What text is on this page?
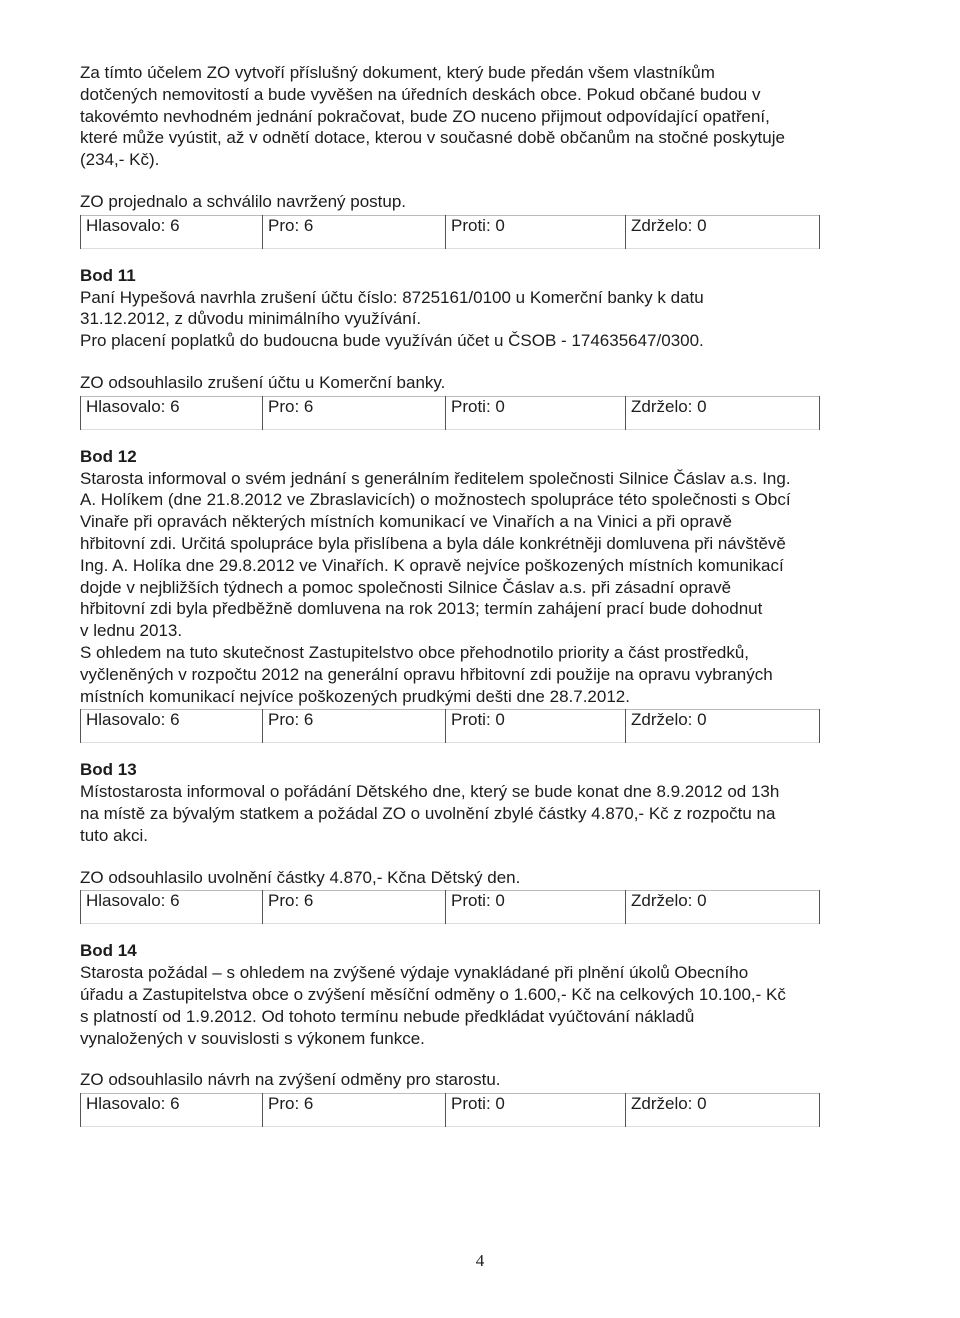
Za tímto účelem ZO vytvoří příslušný dokument, který bude předán všem vlastníkům

dotčených nemovitostí a bude vyvěšen na úředních deskách obce. Pokud občané budou v

takovémto nevhodném jednání pokračovat, bude ZO nuceno přijmout odpovídající opatření,

které může vyústit, až v odnětí dotace, kterou v současné době občanům na stočné poskytuje

(234,- Kč).

ZO projednalo a schválilo navržený postup.

Hlasovalo: 6	Pro: 6	Proti: 0	Zdrželo: 0

Bod 11

Paní Hypešová navrhla zrušení účtu číslo: 8725161/0100 u Komerční banky k datu

31.12.2012, z důvodu minimálního využívání.

Pro placení poplatků do budoucna bude využíván účet u ČSOB - 174635647/0300.

ZO odsouhlasilo zrušení účtu u Komerční banky.

Hlasovalo: 6	Pro: 6	Proti: 0	Zdrželo: 0

Bod 12

Starosta informoval o svém jednání s generálním ředitelem společnosti Silnice Čáslav a.s. Ing.

A. Holíkem (dne 21.8.2012 ve Zbraslavicích) o možnostech spolupráce této společnosti s Obcí

Vinaře při opravách některých místních komunikací ve Vinařích a na Vinici a při opravě

hřbitovní zdi. Určitá spolupráce byla přislíbena a byla dále konkrétněji domluvena při návštěvě

Ing. A. Holíka dne 29.8.2012 ve Vinařích. K opravě nejvíce poškozených místních komunikací

dojde v nejbližších týdnech a pomoc společnosti Silnice Čáslav a.s. při zásadní opravě

hřbitovní zdi byla předběžně domluvena na rok 2013; termín zahájení prací bude dohodnut

v lednu 2013.

S ohledem na tuto skutečnost Zastupitelstvo obce přehodnotilo priority a část prostředků,

vyčleněných v rozpočtu 2012 na generální opravu hřbitovní zdi použije na opravu vybraných

místních komunikací nejvíce poškozených prudkými dešti dne 28.7.2012.

Hlasovalo: 6	Pro: 6	Proti: 0	Zdrželo: 0

Bod 13

Místostarosta informoval o pořádání Dětského dne, který se bude konat dne 8.9.2012 od 13h

na místě za bývalým statkem a požádal ZO o uvolnění zbylé částky 4.870,- Kč z rozpočtu na

tuto akci.

ZO odsouhlasilo uvolnění částky 4.870,- Kčna Dětský den.

Hlasovalo: 6	Pro: 6	Proti: 0	Zdrželo: 0

Bod 14

Starosta požádal – s ohledem na zvýšené výdaje vynakládané při plnění úkolů Obecního

úřadu a Zastupitelstva obce o zvýšení měsíční odměny o 1.600,- Kč na celkových 10.100,- Kč

s platností od 1.9.2012. Od tohoto termínu nebude předkládat vyúčtování nákladů

vynaložených v souvislosti s výkonem funkce.

ZO odsouhlasilo návrh na zvýšení odměny pro starostu.

Hlasovalo: 6	Pro: 6	Proti: 0	Zdrželo: 0
4
